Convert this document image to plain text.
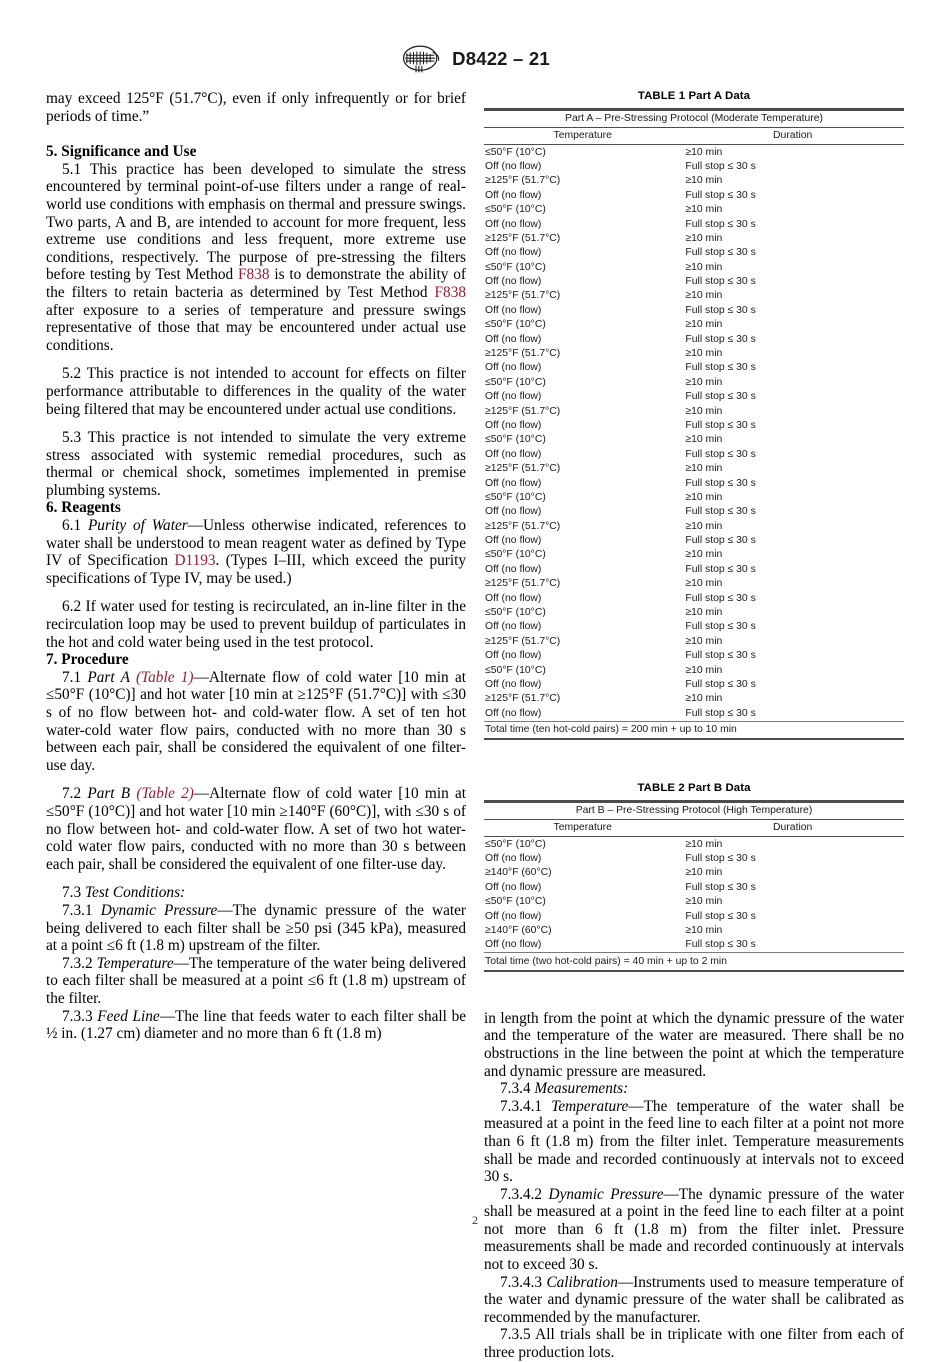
D8422 – 21

may exceed 125°F (51.7°C), even if only infrequently or for brief periods of time.”

5. Significance and Use

5.1 This practice has been developed to simulate the stress encountered by terminal point-of-use filters under a range of real-world use conditions with emphasis on thermal and pressure swings. Two parts, A and B, are intended to account for more frequent, less extreme use conditions and less frequent, more extreme use conditions, respectively. The purpose of pre-stressing the filters before testing by Test Method F838 is to demonstrate the ability of the filters to retain bacteria as determined by Test Method F838 after exposure to a series of temperature and pressure swings representative of those that may be encountered under actual use conditions.

5.2 This practice is not intended to account for effects on filter performance attributable to differences in the quality of the water being filtered that may be encountered under actual use conditions.

5.3 This practice is not intended to simulate the very extreme stress associated with systemic remedial procedures, such as thermal or chemical shock, sometimes implemented in premise plumbing systems.

6. Reagents

6.1 Purity of Water—Unless otherwise indicated, references to water shall be understood to mean reagent water as defined by Type IV of Specification D1193. (Types I–III, which exceed the purity specifications of Type IV, may be used.)

6.2 If water used for testing is recirculated, an in-line filter in the recirculation loop may be used to prevent buildup of particulates in the hot and cold water being used in the test protocol.

7. Procedure

7.1 Part A (Table 1)—Alternate flow of cold water [10 min at ≤50°F (10°C)] and hot water [10 min at ≥125°F (51.7°C)] with ≤30 s of no flow between hot- and cold-water flow. A set of ten hot water-cold water flow pairs, conducted with no more than 30 s between each pair, shall be considered the equivalent of one filter-use day.

7.2 Part B (Table 2)—Alternate flow of cold water [10 min at ≤50°F (10°C)] and hot water [10 min ≥140°F (60°C)], with ≤30 s of no flow between hot- and cold-water flow. A set of two hot water-cold water flow pairs, conducted with no more than 30 s between each pair, shall be considered the equivalent of one filter-use day.

7.3 Test Conditions:

7.3.1 Dynamic Pressure—The dynamic pressure of the water being delivered to each filter shall be ≥50 psi (345 kPa), measured at a point ≤6 ft (1.8 m) upstream of the filter.

7.3.2 Temperature—The temperature of the water being delivered to each filter shall be measured at a point ≤6 ft (1.8 m) upstream of the filter.

7.3.3 Feed Line—The line that feeds water to each filter shall be ½ in. (1.27 cm) diameter and no more than 6 ft (1.8 m)

TABLE 1 Part A Data

Part A – Pre-Stressing Protocol (Moderate Temperature)	
Temperature	Duration
≤50°F (10°C)	≥10 min
Off (no flow)	Full stop ≤ 30 s
≥125°F (51.7°C)	≥10 min
Off (no flow)	Full stop ≤ 30 s
≤50°F (10°C)	≥10 min
Off (no flow)	Full stop ≤ 30 s
≥125°F (51.7°C)	≥10 min
Off (no flow)	Full stop ≤ 30 s
≤50°F (10°C)	≥10 min
Off (no flow)	Full stop ≤ 30 s
≥125°F (51.7°C)	≥10 min
Off (no flow)	Full stop ≤ 30 s
≤50°F (10°C)	≥10 min
Off (no flow)	Full stop ≤ 30 s
≥125°F (51.7°C)	≥10 min
Off (no flow)	Full stop ≤ 30 s
≤50°F (10°C)	≥10 min
Off (no flow)	Full stop ≤ 30 s
≥125°F (51.7°C)	≥10 min
Off (no flow)	Full stop ≤ 30 s
≤50°F (10°C)	≥10 min
Off (no flow)	Full stop ≤ 30 s
≥125°F (51.7°C)	≥10 min
Off (no flow)	Full stop ≤ 30 s
≤50°F (10°C)	≥10 min
Off (no flow)	Full stop ≤ 30 s
≥125°F (51.7°C)	≥10 min
Off (no flow)	Full stop ≤ 30 s
≤50°F (10°C)	≥10 min
Off (no flow)	Full stop ≤ 30 s
≥125°F (51.7°C)	≥10 min
Off (no flow)	Full stop ≤ 30 s
≤50°F (10°C)	≥10 min
Off (no flow)	Full stop ≤ 30 s
≥125°F (51.7°C)	≥10 min
Off (no flow)	Full stop ≤ 30 s
≤50°F (10°C)	≥10 min
Off (no flow)	Full stop ≤ 30 s
≥125°F (51.7°C)	≥10 min
Off (no flow)	Full stop ≤ 30 s
Total time (ten hot-cold pairs) = 200 min + up to 10 min	
TABLE 2 Part B Data

Part B – Pre-Stressing Protocol (High Temperature)	
Temperature	Duration
≤50°F (10°C)	≥10 min
Off (no flow)	Full stop ≤ 30 s
≥140°F (60°C)	≥10 min
Off (no flow)	Full stop ≤ 30 s
≤50°F (10°C)	≥10 min
Off (no flow)	Full stop ≤ 30 s
≥140°F (60°C)	≥10 min
Off (no flow)	Full stop ≤ 30 s
Total time (two hot-cold pairs) = 40 min + up to 2 min	

in length from the point at which the dynamic pressure of the water and the temperature of the water are measured. There shall be no obstructions in the line between the point at which the temperature and dynamic pressure are measured.

7.3.4 Measurements:

7.3.4.1 Temperature—The temperature of the water shall be measured at a point in the feed line to each filter at a point not more than 6 ft (1.8 m) from the filter inlet. Temperature measurements shall be made and recorded continuously at intervals not to exceed 30 s.

7.3.4.2 Dynamic Pressure—The dynamic pressure of the water shall be measured at a point in the feed line to each filter at a point not more than 6 ft (1.8 m) from the filter inlet. Pressure measurements shall be made and recorded continuously at intervals not to exceed 30 s.

7.3.4.3 Calibration—Instruments used to measure temperature of the water and dynamic pressure of the water shall be calibrated as recommended by the manufacturer.

7.3.5 All trials shall be in triplicate with one filter from each of three production lots.

2
